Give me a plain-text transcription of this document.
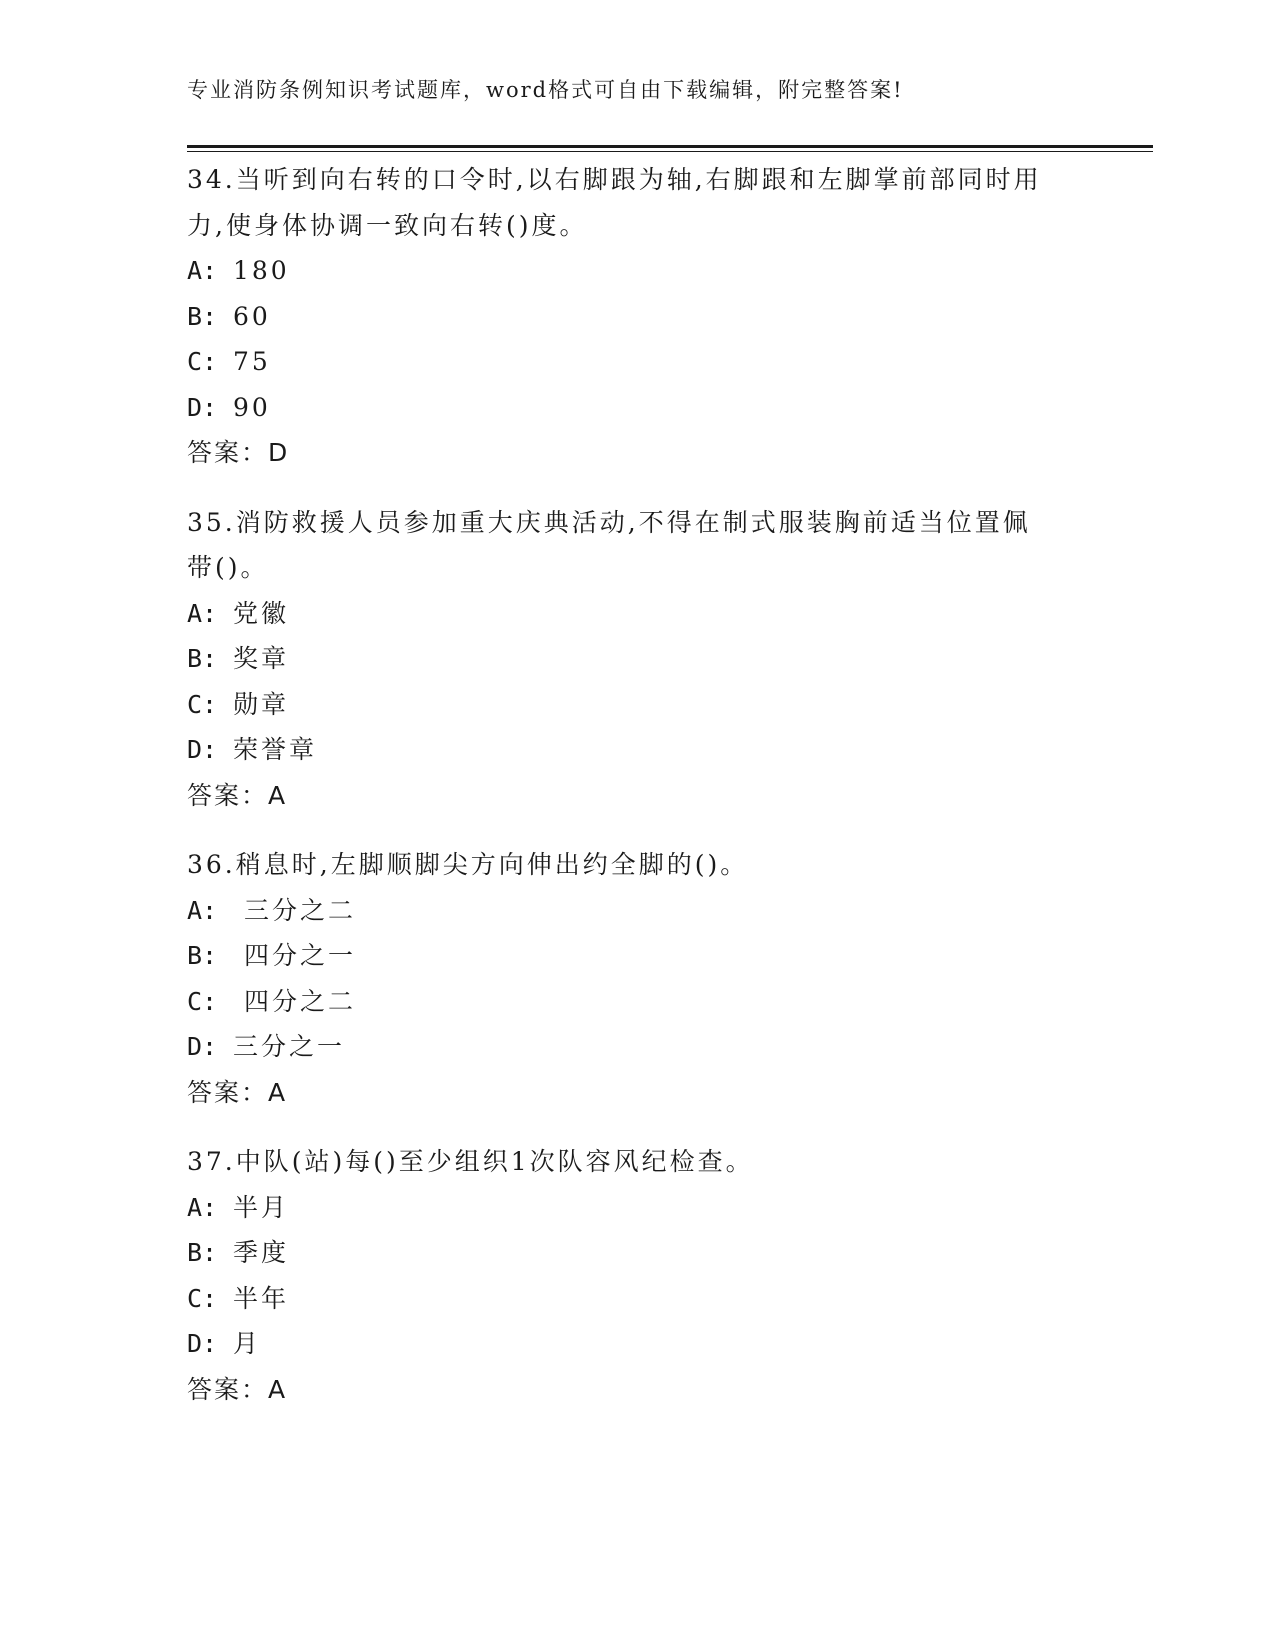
专业消防条例知识考试题库，word格式可自由下载编辑，附完整答案!
34.当听到向右转的口令时,以右脚跟为轴,右脚跟和左脚掌前部同时用
力,使身体协调一致向右转()度。
A: 180
B: 60
C: 75
D: 90
答案：D
35.消防救援人员参加重大庆典活动,不得在制式服装胸前适当位置佩
带()。
A: 党徽
B: 奖章
C: 勋章
D: 荣誉章
答案：A
36.稍息时,左脚顺脚尖方向伸出约全脚的()。
A: 三分之二
B: 四分之一
C: 四分之二
D: 三分之一
答案：A
37.中队(站)每()至少组织1次队容风纪检查。
A: 半月
B: 季度
C: 半年
D: 月
答案：A
